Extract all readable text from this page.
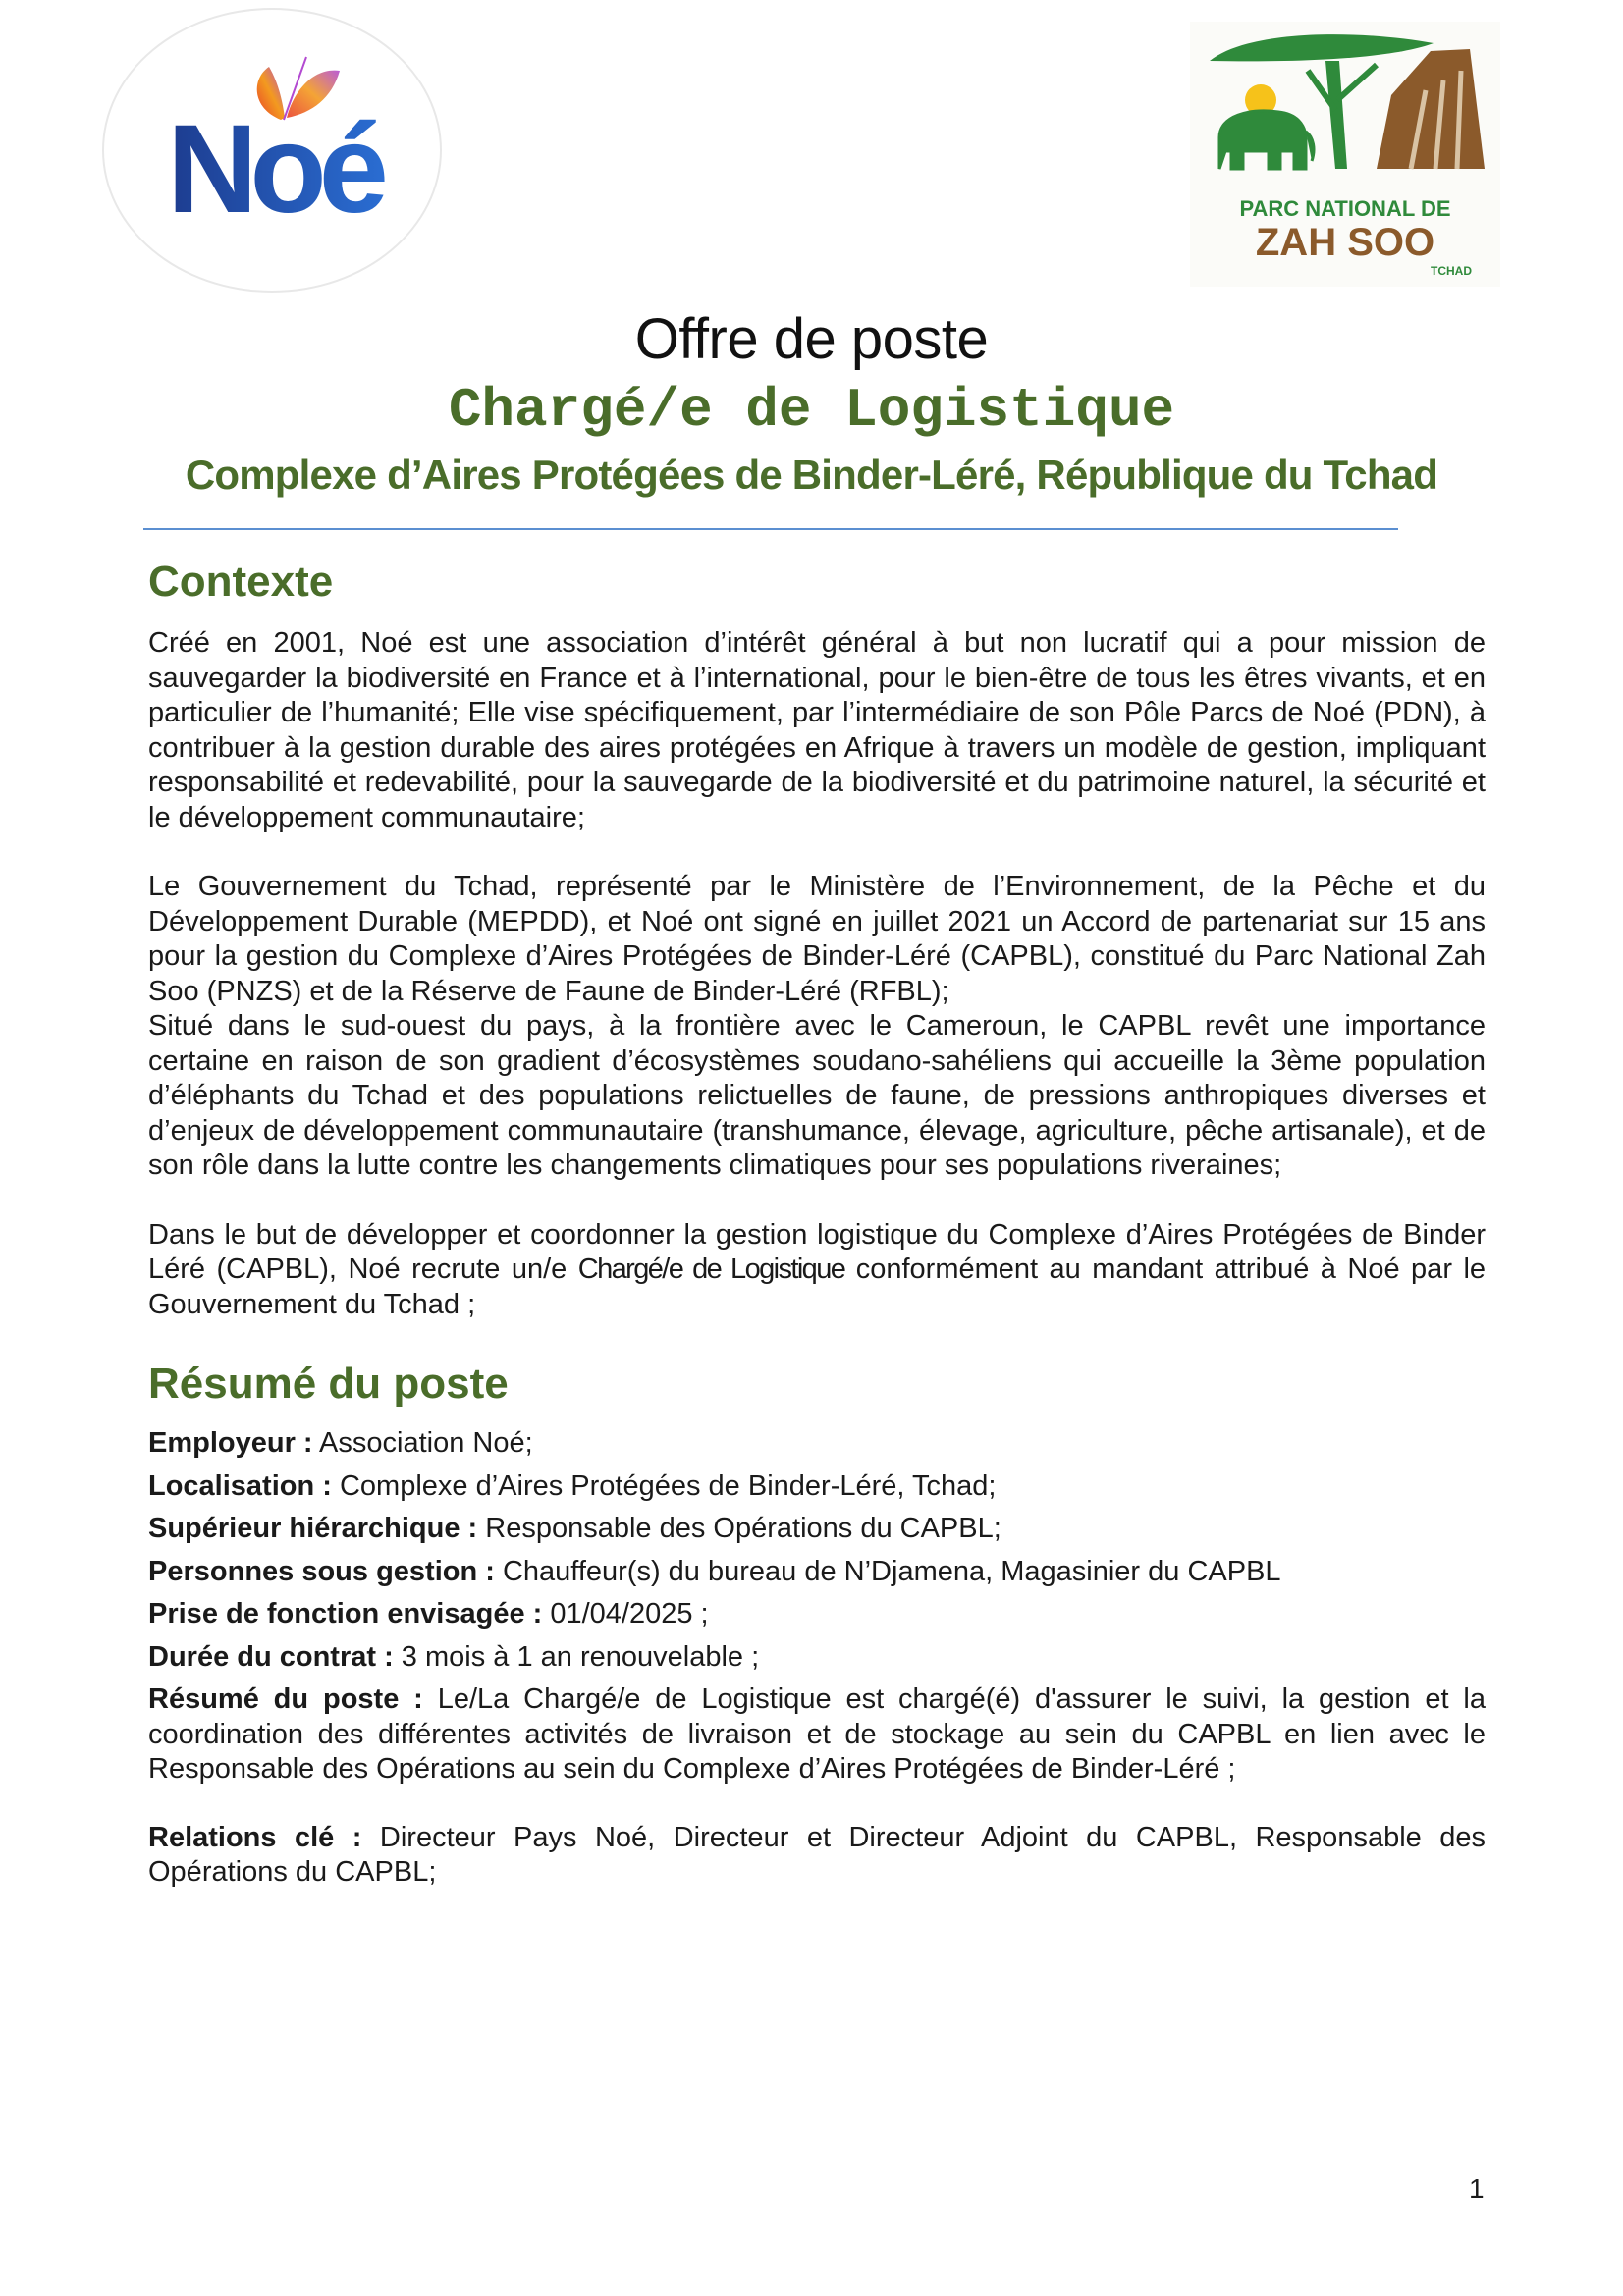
Noé	PARC NATIONAL DE
ZAH SOO
TCHAD
Offre de poste
Chargé/e de Logistique
Complexe d’Aires Protégées de Binder-Léré, République du Tchad
Contexte

Créé en 2001, Noé est une association d’intérêt général à but non lucratif qui a pour mission de sauvegarder la biodiversité en France et à l’international, pour le bien-être de tous les êtres vivants, et en particulier de l’humanité; Elle vise spécifiquement, par l’intermédiaire de son Pôle Parcs de Noé (PDN), à contribuer à la gestion durable des aires protégées en Afrique à travers un modèle de gestion, impliquant responsabilité et redevabilité, pour la sauvegarde de la biodiversité et du patrimoine naturel, la sécurité et le développement communautaire;

Le Gouvernement du Tchad, représenté par le Ministère de l’Environnement, de la Pêche et du Développement Durable (MEPDD), et Noé ont signé en juillet 2021 un Accord de partenariat sur 15 ans pour la gestion du Complexe d’Aires Protégées de Binder-Léré (CAPBL), constitué du Parc National Zah Soo (PNZS) et de la Réserve de Faune de Binder-Léré (RFBL);

Situé dans le sud-ouest du pays, à la frontière avec le Cameroun, le CAPBL revêt une importance certaine en raison de son gradient d’écosystèmes soudano-sahéliens qui accueille la 3ème population d’éléphants du Tchad et des populations relictuelles de faune, de pressions anthropiques diverses et d’enjeux de développement communautaire (transhumance, élevage, agriculture, pêche artisanale), et de son rôle dans la lutte contre les changements climatiques pour ses populations riveraines;

Dans le but de développer et coordonner la gestion logistique du Complexe d’Aires Protégées de Binder Léré (CAPBL), Noé recrute un/e Chargé/e de Logistique conformément au mandant attribué à Noé par le Gouvernement du Tchad ;

Résumé du poste
Employeur : Association Noé;
Localisation : Complexe d’Aires Protégées de Binder-Léré, Tchad;
Supérieur hiérarchique : Responsable des Opérations du CAPBL;
Personnes sous gestion : Chauffeur(s) du bureau de N’Djamena, Magasinier du CAPBL
Prise de fonction envisagée : 01/04/2025 ;
Durée du contrat : 3 mois à 1 an renouvelable ;
Résumé du poste : Le/La Chargé/e de Logistique est chargé(é) d'assurer le suivi, la gestion et la coordination des différentes activités de livraison et de stockage au sein du CAPBL en lien avec le Responsable des Opérations au sein du Complexe d’Aires Protégées de Binder-Léré ;
Relations clé : Directeur Pays Noé, Directeur et Directeur Adjoint du CAPBL, Responsable des Opérations du CAPBL;
1
